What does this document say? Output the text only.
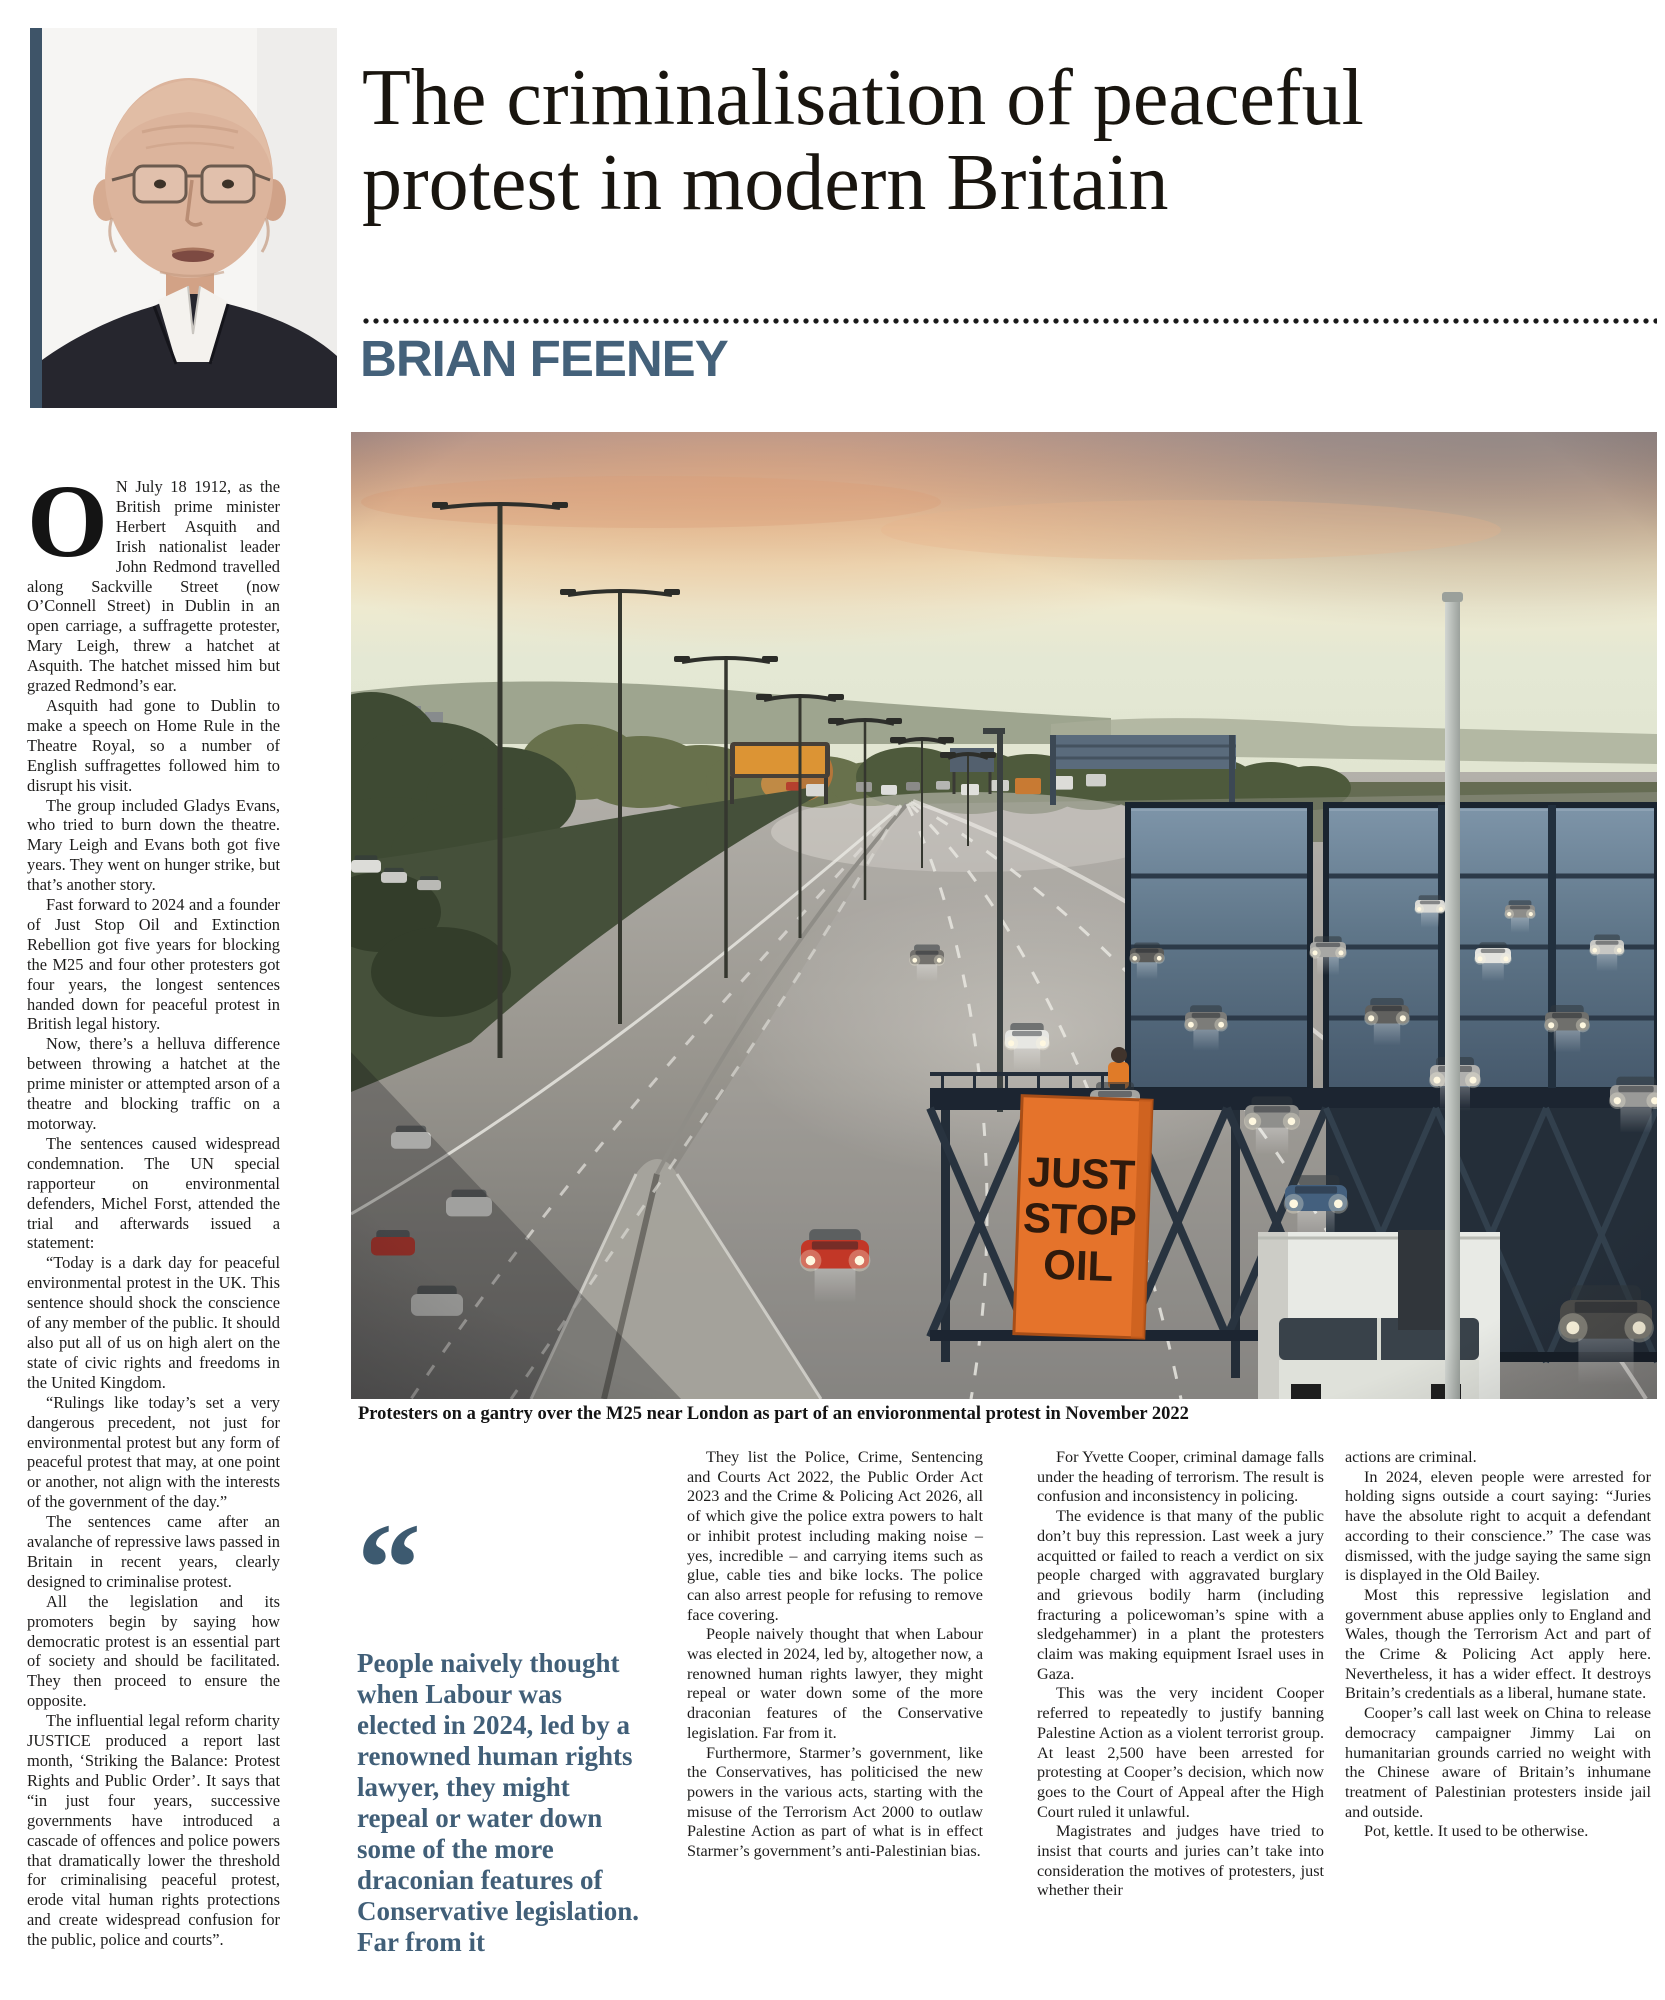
The criminalisation of peaceful
protest in modern Britain
BRIAN FEENEY
Protesters on a gantry over the M25 near London as part of an envioronmental protest in November 2022

O N July 18 1912, as the British prime minister Herbert Asquith and Irish nationalist leader John Redmond travelled along Sackville Street (now O’Connell Street) in Dublin in an open carriage, a suffragette protester, Mary Leigh, threw a hatchet at Asquith. The hatchet missed him but grazed Redmond’s ear.

Asquith had gone to Dublin to make a speech on Home Rule in the Theatre Royal, so a number of English suffragettes followed him to disrupt his visit.

The group included Gladys Evans, who tried to burn down the theatre. Mary Leigh and Evans both got five years. They went on hunger strike, but that’s another story.

Fast forward to 2024 and a founder of Just Stop Oil and Extinction Rebellion got five years for blocking the M25 and four other protesters got four years, the longest sentences handed down for peaceful protest in British legal history.

Now, there’s a helluva difference between throwing a hatchet at the prime minister or attempted arson of a theatre and blocking traffic on a motorway.

The sentences caused widespread condemnation. The UN special rapporteur on environmental defenders, Michel Forst, attended the trial and afterwards issued a statement:

“Today is a dark day for peaceful environmental protest in the UK. This sentence should shock the conscience of any member of the public. It should also put all of us on high alert on the state of civic rights and freedoms in the United Kingdom.

“Rulings like today’s set a very dangerous precedent, not just for environmental protest but any form of peaceful protest that may, at one point or another, not align with the interests of the government of the day.”

The sentences came after an avalanche of repressive laws passed in Britain in recent years, clearly designed to criminalise protest.

All the legislation and its promoters begin by saying how democratic protest is an essential part of society and should be facilitated. They then proceed to ensure the opposite.

The influential legal reform charity JUSTICE produced a report last month, ‘Striking the Balance: Protest Rights and Public Order’. It says that “in just four years, successive governments have introduced a cascade of offences and police powers that dramatically lower the threshold for criminalising peaceful protest, erode vital human rights protections and create widespread confusion for the public, police and courts”.

“
People naively thought when Labour was elected in 2024, led by a renowned human rights lawyer, they might repeal or water down some of the more draconian features of Conservative legislation. Far from it

They list the Police, Crime, Sentencing and Courts Act 2022, the Public Order Act 2023 and the Crime & Policing Act 2026, all of which give the police extra powers to halt or inhibit protest including making noise – yes, incredible – and carrying items such as glue, cable ties and bike locks. The police can also arrest people for refusing to remove face covering.

People naively thought that when Labour was elected in 2024, led by, altogether now, a renowned human rights lawyer, they might repeal or water down some of the more draconian features of the Conservative legislation. Far from it.

Furthermore, Starmer’s government, like the Conservatives, has politicised the new powers in the various acts, starting with the misuse of the Terrorism Act 2000 to outlaw Palestine Action as part of what is in effect Starmer’s government’s anti-Palestinian bias.

For Yvette Cooper, criminal damage falls under the heading of terrorism. The result is confusion and inconsistency in policing.

The evidence is that many of the public don’t buy this repression. Last week a jury acquitted or failed to reach a verdict on six people charged with aggravated burglary and grievous bodily harm (including fracturing a policewoman’s spine with a sledgehammer) in a plant the protesters claim was making equipment Israel uses in Gaza.

This was the very incident Cooper referred to repeatedly to justify banning Palestine Action as a violent terrorist group. At least 2,500 have been arrested for protesting at Cooper’s decision, which now goes to the Court of Appeal after the High Court ruled it unlawful.

Magistrates and judges have tried to insist that courts and juries can’t take into consideration the motives of protesters, just whether their

actions are criminal.

In 2024, eleven people were arrested for holding signs outside a court saying: “Juries have the absolute right to acquit a defendant according to their conscience.” The case was dismissed, with the judge saying the same sign is displayed in the Old Bailey.

Most this repressive legislation and government abuse applies only to England and Wales, though the Terrorism Act and part of the Crime & Policing Act apply here. Nevertheless, it has a wider effect. It destroys Britain’s credentials as a liberal, humane state.

Cooper’s call last week on China to release democracy campaigner Jimmy Lai on humanitarian grounds carried no weight with the Chinese aware of Britain’s inhumane treatment of Palestinian protesters inside jail and outside.

Pot, kettle. It used to be otherwise.
